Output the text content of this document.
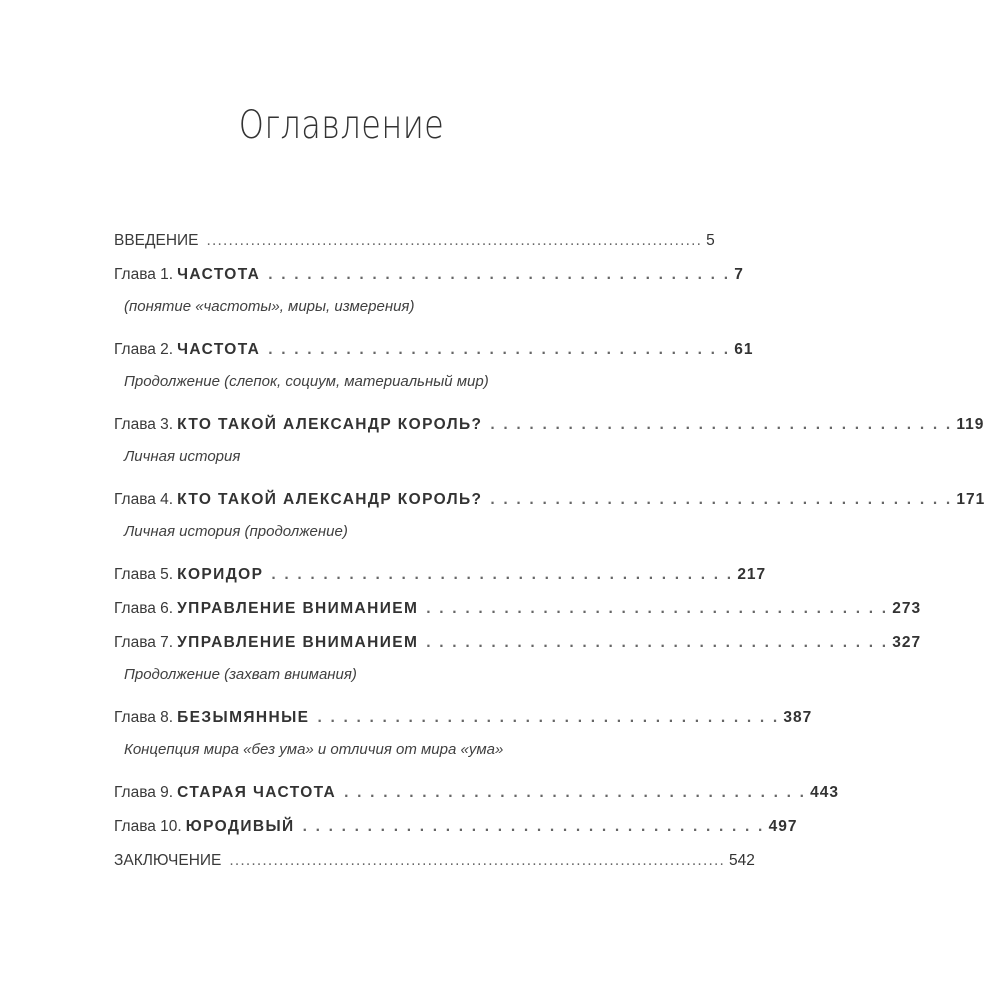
Оглавление
ВВЕДЕНИЕ .......................................................................................... 5
Глава 1. ЧАСТОТА . . . . . . . . . . . . . . . . . . . . . . . . . . . . . . . . . . . . 7
(понятие «частоты», миры, измерения)
Глава 2. ЧАСТОТА . . . . . . . . . . . . . . . . . . . . . . . . . . . . . . . . . . . . 61
Продолжение (слепок, социум, материальный мир)
Глава 3. КТО ТАКОЙ АЛЕКСАНДР КОРОЛЬ? . . . . . . . . . . . . . . . . . . . . . . . . . . . . . . . . . . . . 119
Личная история
Глава 4. КТО ТАКОЙ АЛЕКСАНДР КОРОЛЬ? . . . . . . . . . . . . . . . . . . . . . . . . . . . . . . . . . . . . 171
Личная история (продолжение)
Глава 5. КОРИДОР . . . . . . . . . . . . . . . . . . . . . . . . . . . . . . . . . . . . 217
Глава 6. УПРАВЛЕНИЕ ВНИМАНИЕМ . . . . . . . . . . . . . . . . . . . . . . . . . . . . . . . . . . . . 273
Глава 7. УПРАВЛЕНИЕ ВНИМАНИЕМ . . . . . . . . . . . . . . . . . . . . . . . . . . . . . . . . . . . . 327
Продолжение (захват внимания)
Глава 8. БЕЗЫМЯННЫЕ . . . . . . . . . . . . . . . . . . . . . . . . . . . . . . . . . . . . 387
Концепция мира «без ума» и отличия от мира «ума»
Глава 9. СТАРАЯ ЧАСТОТА . . . . . . . . . . . . . . . . . . . . . . . . . . . . . . . . . . . . 443
Глава 10. ЮРОДИВЫЙ . . . . . . . . . . . . . . . . . . . . . . . . . . . . . . . . . . . . 497
ЗАКЛЮЧЕНИЕ .......................................................................................... 542
